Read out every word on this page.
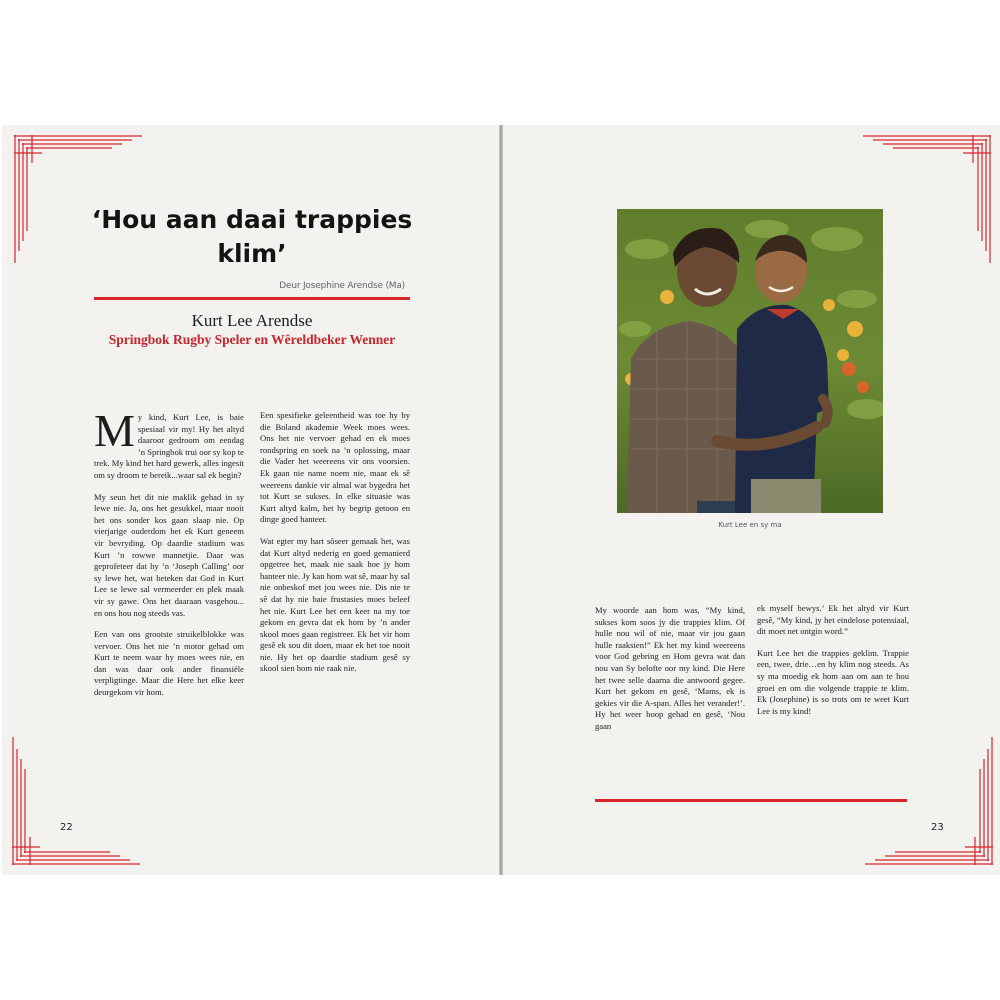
‘Hou aan daai trappies klim’
Deur Josephine Arendse (Ma)
Kurt Lee Arendse
Springbok Rugby Speler en Wêreldbeker Wenner

My kind, Kurt Lee, is baie spesiaal vir my! Hy het altyd daaroor gedroom om eendag ’n Springbok trui oor sy kop te trek. My kind het hard gewerk, alles ingesit om sy droom te bereik...waar sal ek begin?

My seun het dit nie maklik gehad in sy lewe nie. Ja, ons het gesukkel, maar nooit het ons sonder kos gaan slaap nie. Op vierjarige ouderdom het ek Kurt geneem vir bevryding. Op daardie stadium was Kurt ’n rowwe mannetjie. Daar was geprofeteer dat hy ’n ‘Joseph Calling’ oor sy lewe het, wat beteken dat God in Kurt Lee se lewe sal vermeerder en plek maak vir sy gawe. Ons het daaraan vasgehou... en ons hou nog steeds vas.

Een van ons grootste struikelblokke was vervoer. Ons het nie ’n motor gehad om Kurt te neem waar hy moes wees nie, en dan was daar ook ander finansiële verpligtinge. Maar die Here het elke keer deurgekom vir hom.

Een spesifieke geleentheid was toe hy by die Boland akademie Week moes wees. Ons het nie vervoer gehad en ek moes rondspring en soek na ’n oplossing, maar die Vader het weereens vir ons voorsien. Ek gaan nie name noem nie, maar ek sê weereens dankie vir almal wat bygedra het tot Kurt se sukses. In elke situasie was Kurt altyd kalm, het hy begrip getoon en dinge goed hanteer.

Wat egter my hart sôseer gemaak het, was dat Kurt altyd nederig en goed gemanierd opgetree het, maak nie saak hoe jy hom hanteer nie. Jy kan hom wat sê, maar hy sal nie onbeskof met jou wees nie. Dis nie te sê dat hy nie baie frustasies moes beleef het nie. Kurt Lee het een keer na my toe gekom en gevra dat ek hom by ’n ander skool moes gaan registreer. Ek het vir hom gesê ek sou dit doen, maar ek het toe nooit nie. Hy het op daardie stadium gesê sy skool sien hom nie raak nie.

22
Kurt Lee en sy ma

My woorde aan hom was, “My kind, sukses kom soos jy die trappies klim. Of hulle nou wil of nie, maar vir jou gaan hulle raaksien!” Ek het my kind weereens voor God gebring en Hom gevra wat dan nou van Sy belofte oor my kind. Die Here het twee selle daarna die antwoord gegee. Kurt het gekom en gesê, ‘Mams, ek is gekies vir die A-span. Alles het verander!’. Hy het weer hoop gehad en gesê, ‘Nou gaan

ek myself bewys.’ Ek het altyd vir Kurt gesê, “My kind, jy het eindelose potensiaal, dit moet net ontgin word.”

Kurt Lee het die trappies geklim. Trappie een, twee, drie…en hy klim nog steeds. As sy ma moedig ek hom aan om aan te hou groei en om die volgende trappie te klim. Ek (Josephine) is so trots om te weet Kurt Lee is my kind!

23
